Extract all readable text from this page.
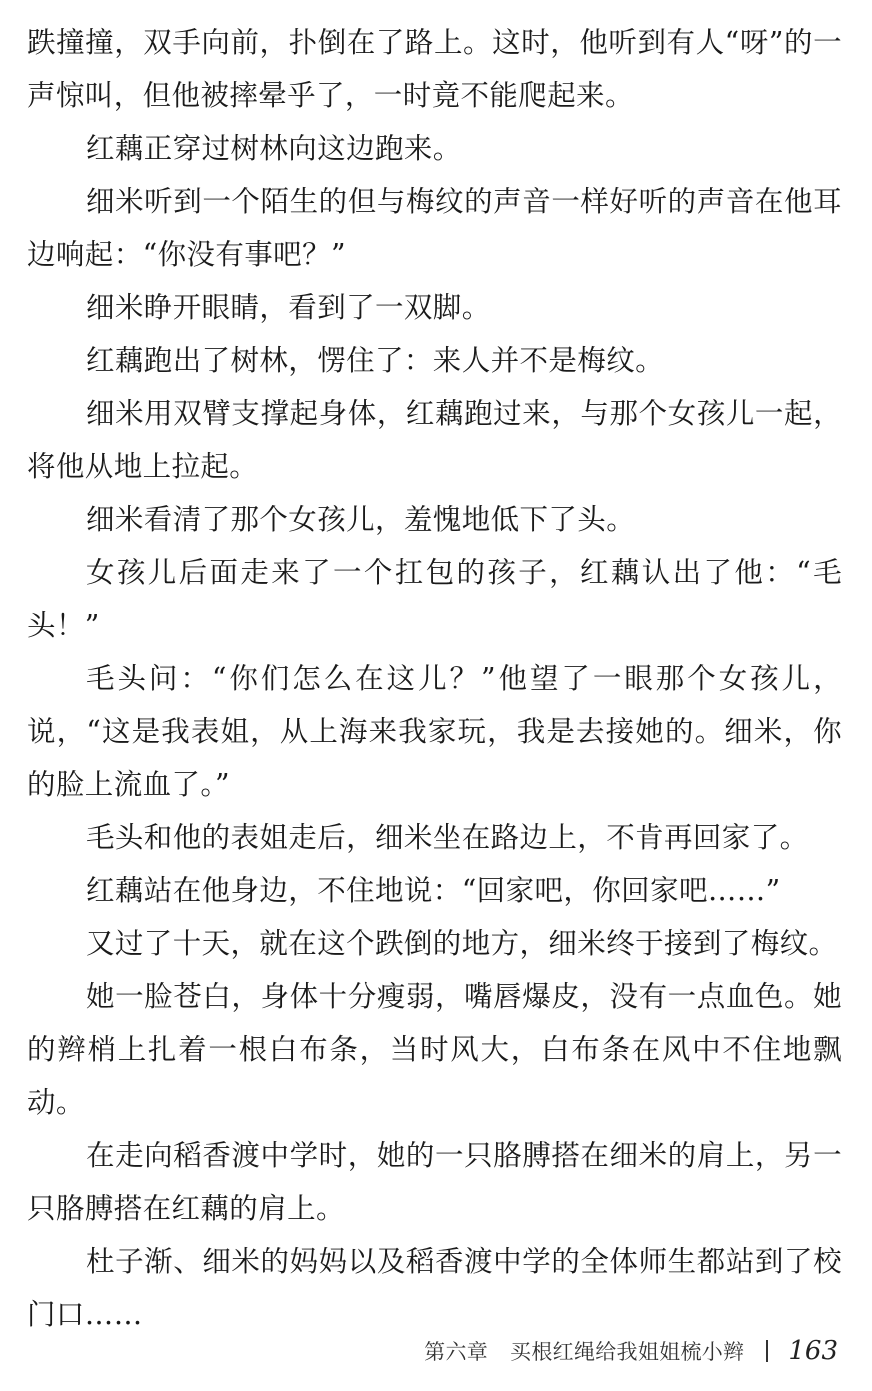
跌撞撞，双手向前，扑倒在了路上。这时，他听到有人“呀”的一声惊叫，但他被摔晕乎了，一时竟不能爬起来。

红藕正穿过树林向这边跑来。

细米听到一个陌生的但与梅纹的声音一样好听的声音在他耳边响起：“你没有事吧？”

细米睁开眼睛，看到了一双脚。

红藕跑出了树林，愣住了：来人并不是梅纹。

细米用双臂支撑起身体，红藕跑过来，与那个女孩儿一起，将他从地上拉起。

细米看清了那个女孩儿，羞愧地低下了头。

女孩儿后面走来了一个扛包的孩子，红藕认出了他：“毛头！”

毛头问：“你们怎么在这儿？”他望了一眼那个女孩儿，说，“这是我表姐，从上海来我家玩，我是去接她的。细米，你的脸上流血了。”

毛头和他的表姐走后，细米坐在路边上，不肯再回家了。

红藕站在他身边，不住地说：“回家吧，你回家吧……”

又过了十天，就在这个跌倒的地方，细米终于接到了梅纹。

她一脸苍白，身体十分瘦弱，嘴唇爆皮，没有一点血色。她的辫梢上扎着一根白布条，当时风大，白布条在风中不住地飘动。

在走向稻香渡中学时，她的一只胳膊搭在细米的肩上，另一只胳膊搭在红藕的肩上。

杜子渐、细米的妈妈以及稻香渡中学的全体师生都站到了校门口……

第六章 买根红绳给我姐姐梳小辫 163
